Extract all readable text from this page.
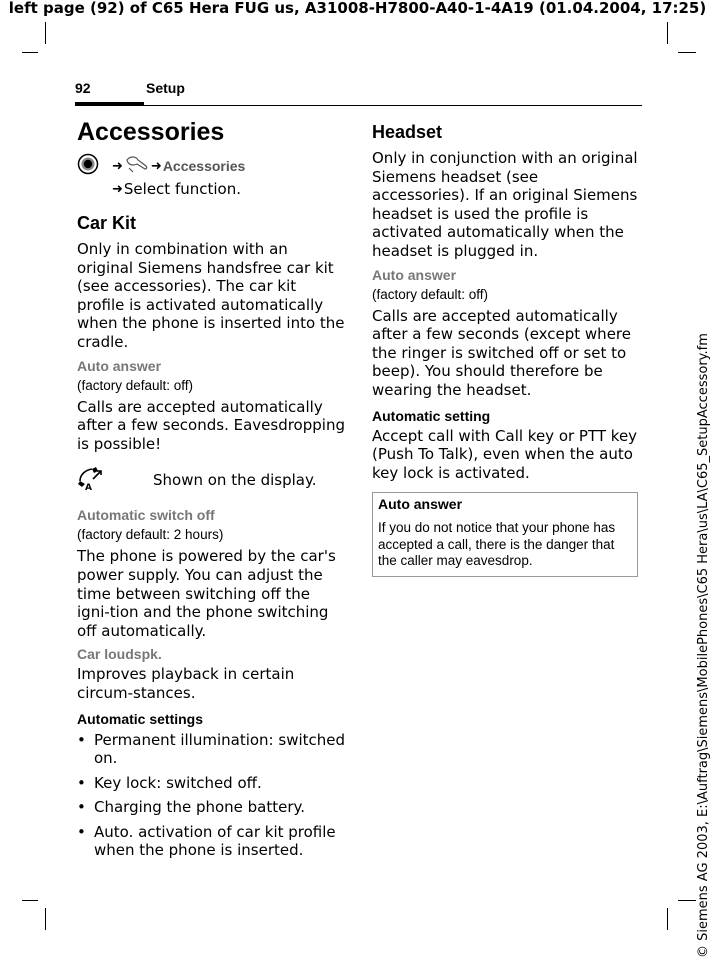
left page (92) of C65 Hera FUG us, A31008-H7800-A40-1-4A19 (01.04.2004, 17:25)
© Siemens AG 2003, E:\Auftrag\Siemens\MobilePhones\C65 Hera\us\LA\C65_SetupAccessory.fm
92	Setup
Accessories
➜ ➜ Accessories
➜ Select function.
Car Kit

Only in combination with an original Siemens handsfree car kit (see accessories). The car kit profile is activated automatically when the phone is inserted into the cradle.

Auto answer
(factory default: off)

Calls are accepted automatically after a few seconds. Eavesdropping is possible!

A	Shown on the display.
Automatic switch off
(factory default: 2 hours)

The phone is powered by the car's power supply. You can adjust the time between switching off the igni-tion and the phone switching off automatically.

Car loudspk.

Improves playback in certain circum-stances.

Automatic settings
• Permanent illumination: switched on.
• Key lock: switched off.
• Charging the phone battery.
• Auto. activation of car kit profile when the phone is inserted.
Headset

Only in conjunction with an original Siemens headset (see accessories). If an original Siemens headset is used the profile is activated automatically when the headset is plugged in.

Auto answer
(factory default: off)

Calls are accepted automatically after a few seconds (except where the ringer is switched off or set to beep). You should therefore be wearing the headset.

Automatic setting

Accept call with Call key or PTT key (Push To Talk), even when the auto key lock is activated.

Auto answer
If you do not notice that your phone has accepted a call, there is the danger that the caller may eavesdrop.
